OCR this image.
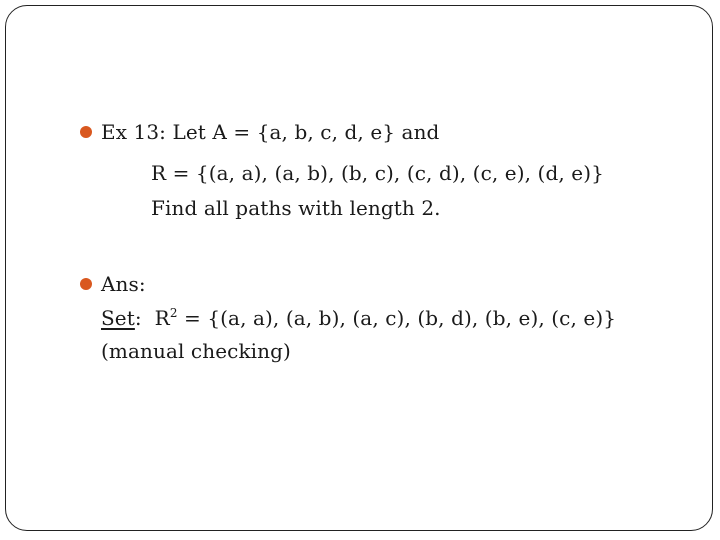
Ex 13: Let A = {a, b, c, d, e} and
R = {(a, a), (a, b), (b, c), (c, d), (c, e), (d, e)}
Find all paths with length 2.
Ans:
Set: $R^2 = \{(a$, a), (a, b), (a, c), (b, d), (b, e), (c, e)}
(manual checking)
